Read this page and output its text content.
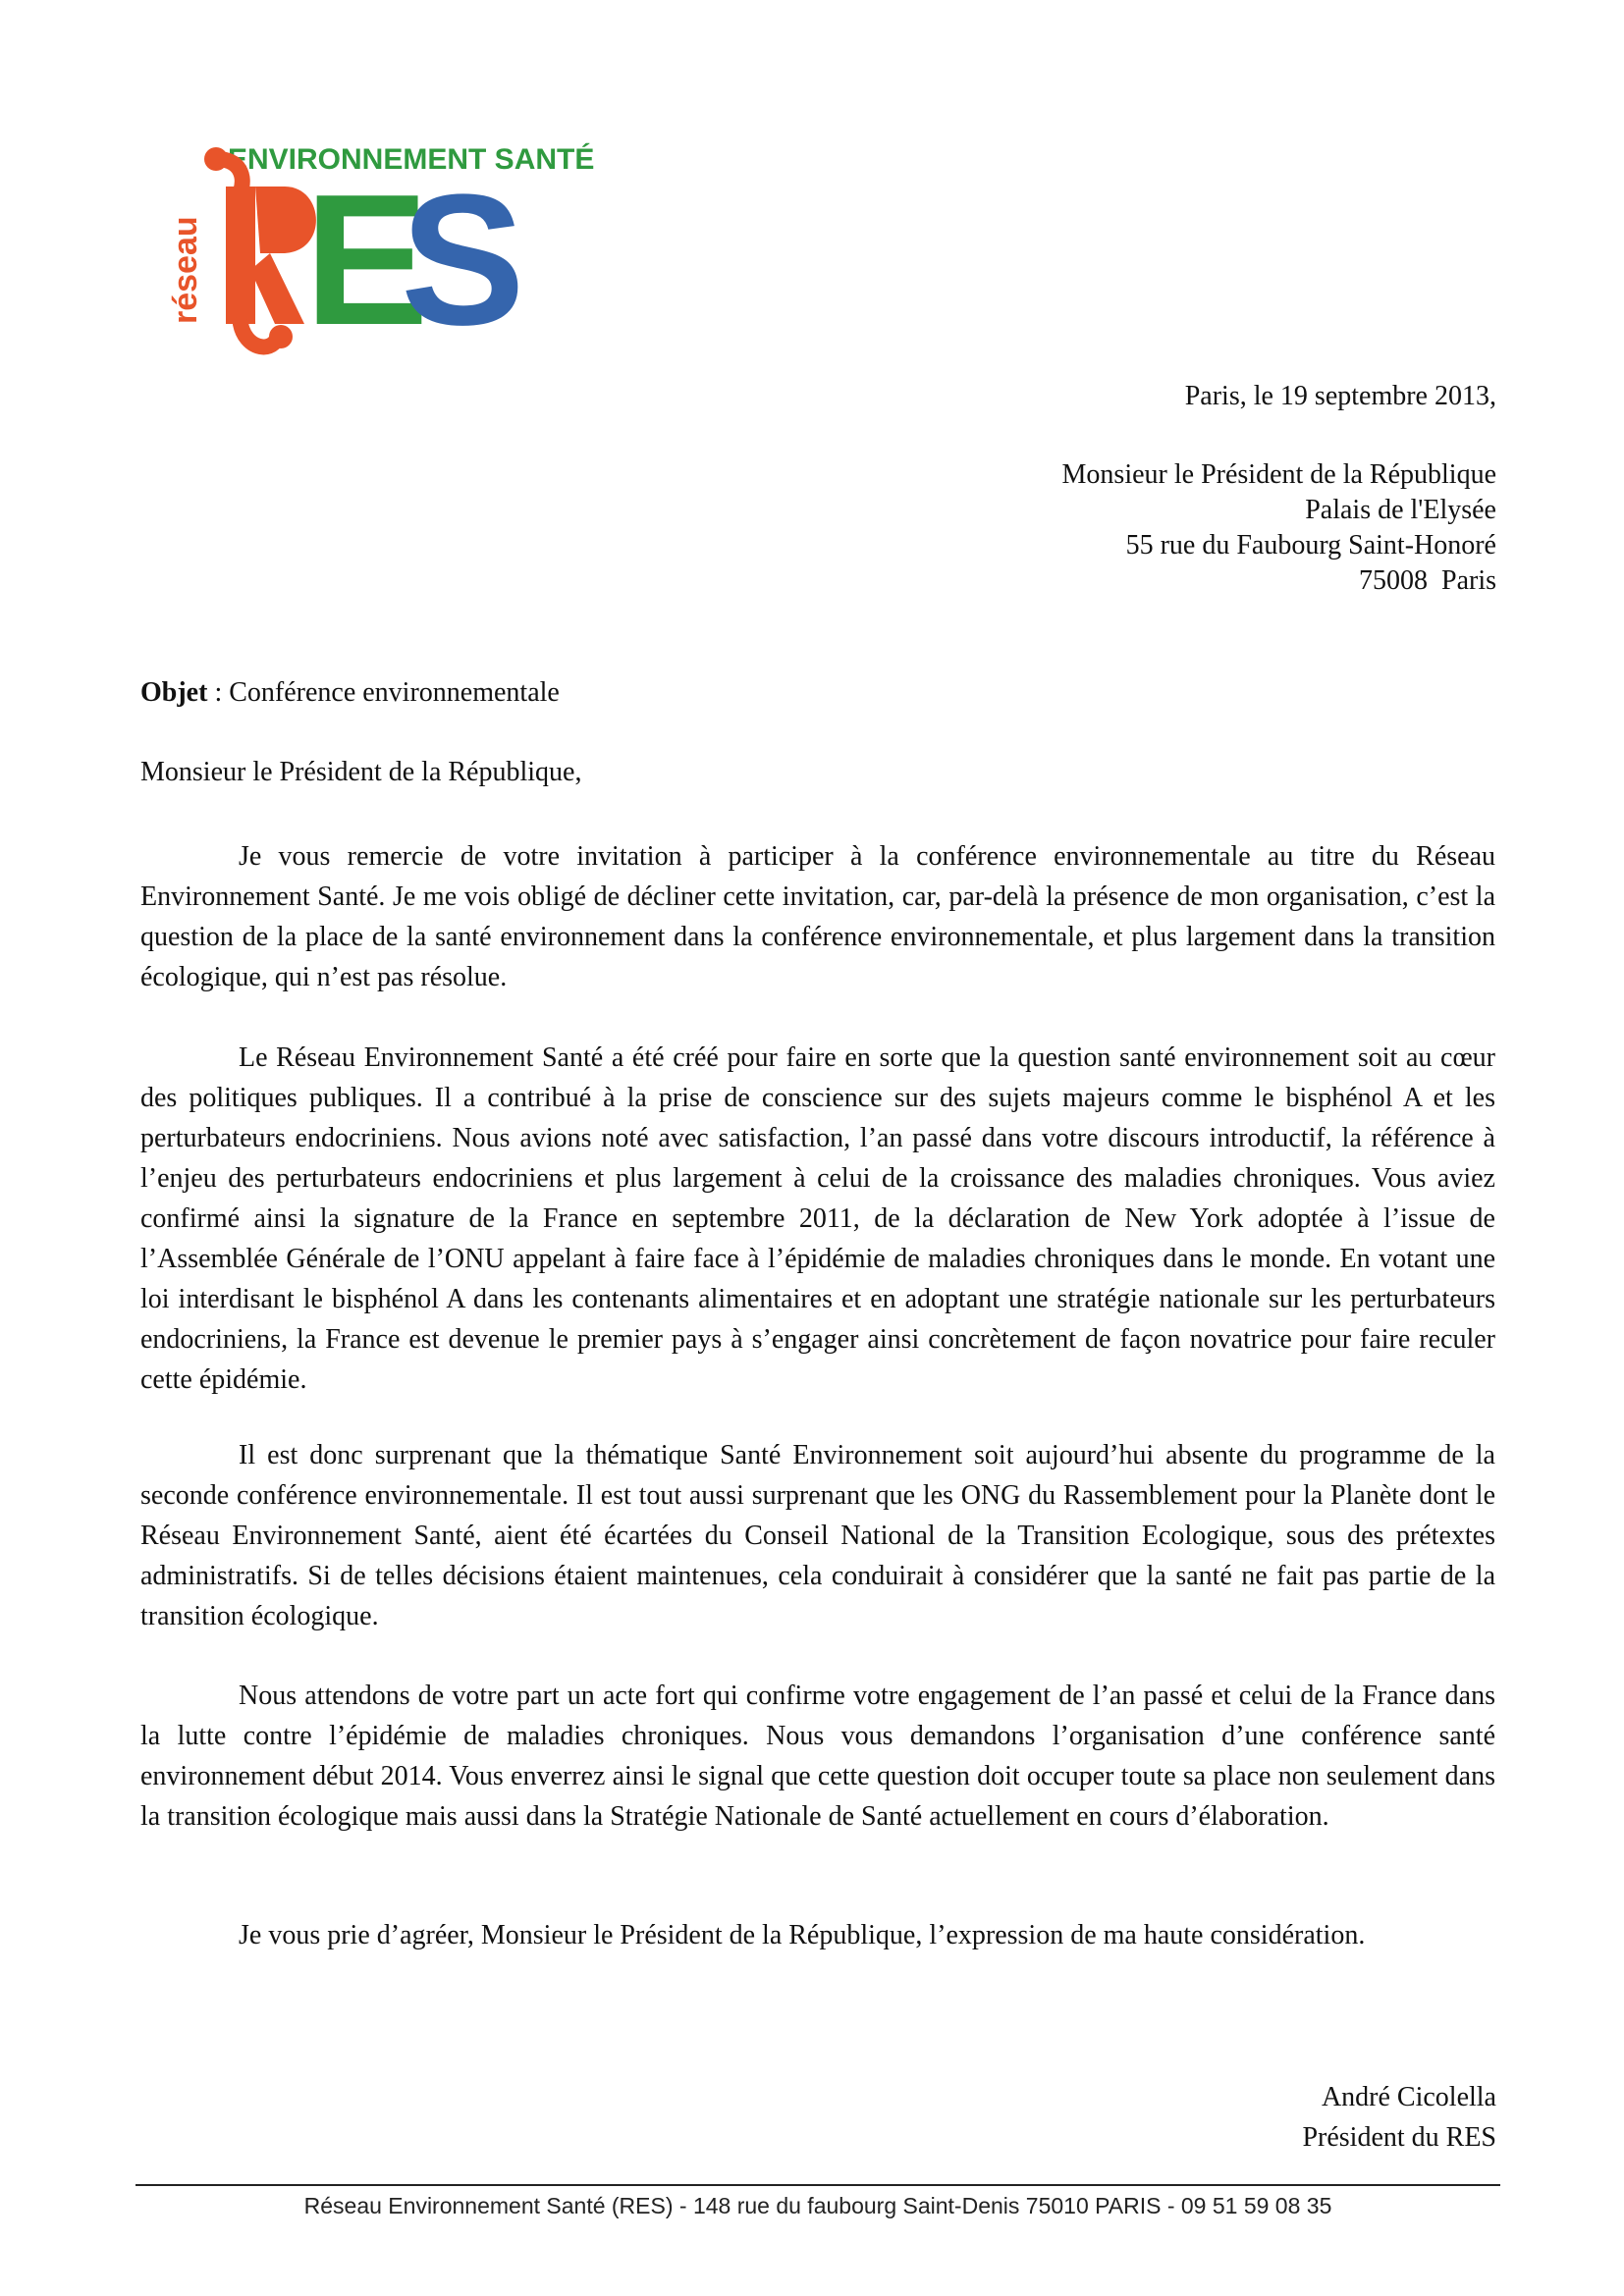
ENVIRONNEMENT SANTÉ
réseau E
S
Paris, le 19 septembre 2013,
Monsieur le Président de la République
Palais de l'Elysée
55 rue du Faubourg Saint-Honoré
75008  Paris
Objet : Conférence environnementale
Monsieur le Président de la République,

Je vous remercie de votre invitation à participer à la conférence environnementale au titre du Réseau Environnement Santé. Je me vois obligé de décliner cette invitation, car, par-delà la présence de mon organisation, c’est la question de la place de la santé environnement dans la conférence environnementale, et plus largement dans la transition écologique, qui n’est pas résolue.

Le Réseau Environnement Santé a été créé pour faire en sorte que la question santé environnement soit au cœur des politiques publiques. Il a contribué à la prise de conscience sur des sujets majeurs comme le bisphénol A et les perturbateurs endocriniens. Nous avions noté avec satisfaction, l’an passé dans votre discours introductif, la référence à l’enjeu des perturbateurs endocriniens et plus largement à celui de la croissance des maladies chroniques. Vous aviez confirmé ainsi la signature de la France en septembre 2011, de la déclaration de New York adoptée à l’issue de l’Assemblée Générale de l’ONU appelant à faire face à l’épidémie de maladies chroniques dans le monde. En votant une loi interdisant le bisphénol A dans les contenants alimentaires et en adoptant une stratégie nationale sur les perturbateurs endocriniens, la France est devenue le premier pays à s’engager ainsi concrètement de façon novatrice pour faire reculer cette épidémie.

Il est donc surprenant que la thématique Santé Environnement soit aujourd’hui absente du programme de la seconde conférence environnementale. Il est tout aussi surprenant que les ONG du Rassemblement pour la Planète dont le Réseau Environnement Santé, aient été écartées du Conseil National de la Transition Ecologique, sous des prétextes administratifs. Si de telles décisions étaient maintenues, cela conduirait à considérer que la santé ne fait pas partie de la transition écologique.

Nous attendons de votre part un acte fort qui confirme votre engagement de l’an passé et celui de la France dans la lutte contre l’épidémie de maladies chroniques. Nous vous demandons l’organisation d’une conférence santé environnement début 2014. Vous enverrez ainsi le signal que cette question doit occuper toute sa place non seulement dans la transition écologique mais aussi dans la Stratégie Nationale de Santé actuellement en cours d’élaboration.

Je vous prie d’agréer, Monsieur le Président de la République, l’expression de ma haute considération.

André Cicolella
Président du RES
Réseau Environnement Santé (RES) - 148 rue du faubourg Saint-Denis 75010 PARIS - 09 51 59 08 35
